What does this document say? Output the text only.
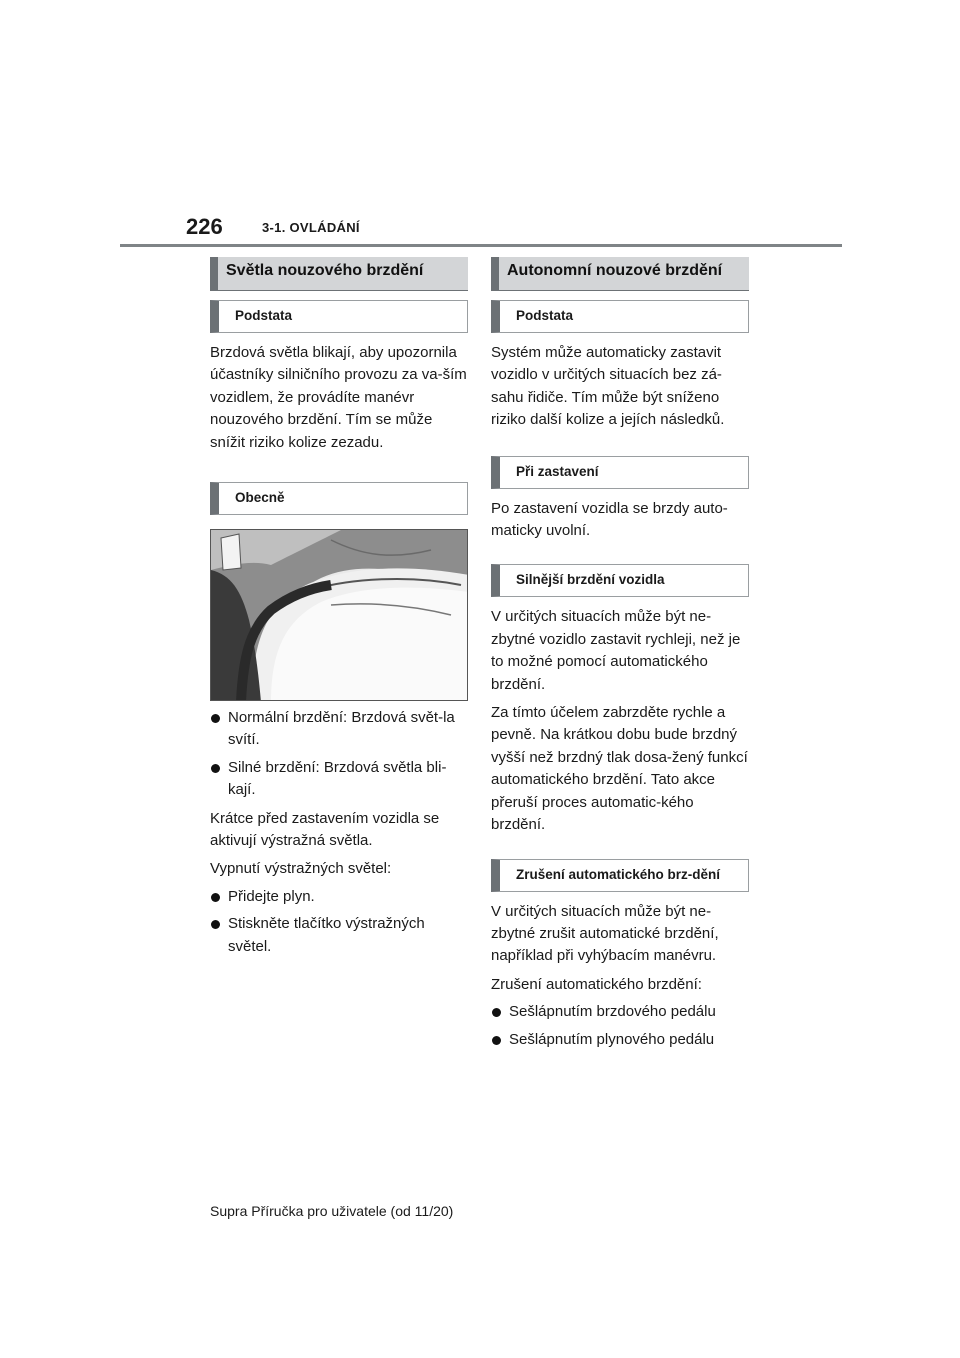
226	3-1. OVLÁDÁNÍ
Světla nouzového brzdění
Podstata

Brzdová světla blikají, aby upozornila účastníky silničního provozu za va-ším vozidlem, že provádíte manévr nouzového brzdění. Tím se může snížit riziko kolize zezadu.

Obecně
Normální brzdění: Brzdová svět-la svítí.
Silné brzdění: Brzdová světla bli-kají.

Krátce před zastavením vozidla se aktivují výstražná světla.

Vypnutí výstražných světel:

Přidejte plyn.
Stiskněte tlačítko výstražných světel.
Autonomní nouzové brzdění
Podstata

Systém může automaticky zastavit vozidlo v určitých situacích bez zá-sahu řidiče. Tím může být sníženo riziko další kolize a jejích následků.

Při zastavení

Po zastavení vozidla se brzdy auto-maticky uvolní.

Silnější brzdění vozidla

V určitých situacích může být ne-zbytné vozidlo zastavit rychleji, než je to možné pomocí automatického brzdění.

Za tímto účelem zabrzděte rychle a pevně. Na krátkou dobu bude brzdný vyšší než brzdný tlak dosa-žený funkcí automatického brzdění. Tato akce přeruší proces automatic-kého brzdění.

Zrušení automatického brz-dění

V určitých situacích může být ne-zbytné zrušit automatické brzdění, například při vyhýbacím manévru.

Zrušení automatického brzdění:

Sešlápnutím brzdového pedálu
Sešlápnutím plynového pedálu
Supra Příručka pro uživatele (od 11/20)
